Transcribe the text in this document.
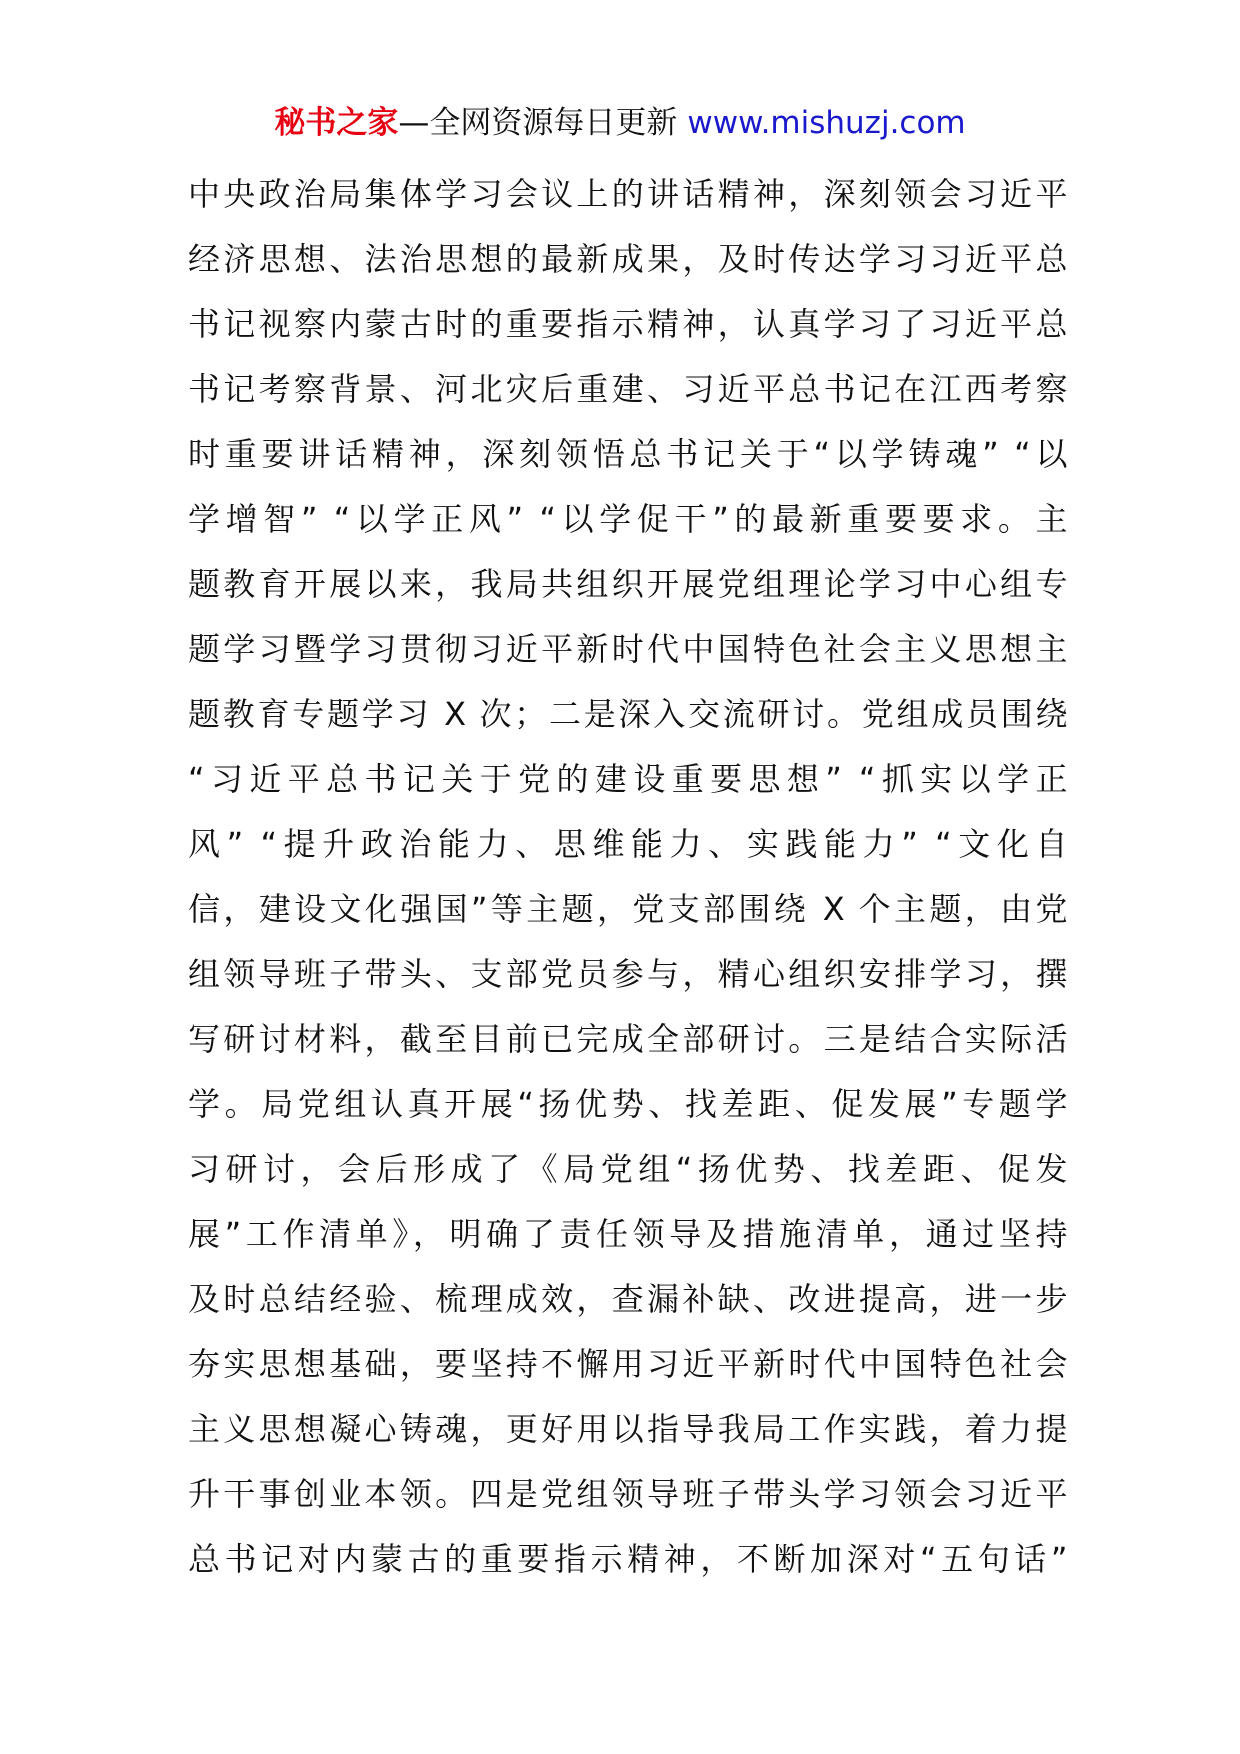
秘书之家—全网资源每日更新 www.mishuzj.com
中央政治局集体学习会议上的讲话精神，深刻领会习近平
经济思想、法治思想的最新成果，及时传达学习习近平总
书记视察内蒙古时的重要指示精神，认真学习了习近平总
书记考察背景、河北灾后重建、习近平总书记在江西考察
时重要讲话精神，深刻领悟总书记关于“以学铸魂” “以
学增智” “以学正风” “以学促干”的最新重要要求。主
题教育开展以来，我局共组织开展党组理论学习中心组专
题学习暨学习贯彻习近平新时代中国特色社会主义思想主
题教育专题学习 X 次；二是深入交流研讨。党组成员围绕
“习近平总书记关于党的建设重要思想” “抓实以学正
风” “提升政治能力、思维能力、实践能力” “文化自
信，建设文化强国”等主题，党支部围绕 X 个主题，由党
组领导班子带头、支部党员参与，精心组织安排学习，撰
写研讨材料，截至目前已完成全部研讨。三是结合实际活
学。局党组认真开展“扬优势、找差距、促发展”专题学
习研讨，会后形成了《局党组“扬优势、找差距、促发
展”工作清单》，明确了责任领导及措施清单，通过坚持
及时总结经验、梳理成效，查漏补缺、改进提高，进一步
夯实思想基础，要坚持不懈用习近平新时代中国特色社会
主义思想凝心铸魂，更好用以指导我局工作实践，着力提
升干事创业本领。四是党组领导班子带头学习领会习近平
总书记对内蒙古的重要指示精神，不断加深对“五句话”
